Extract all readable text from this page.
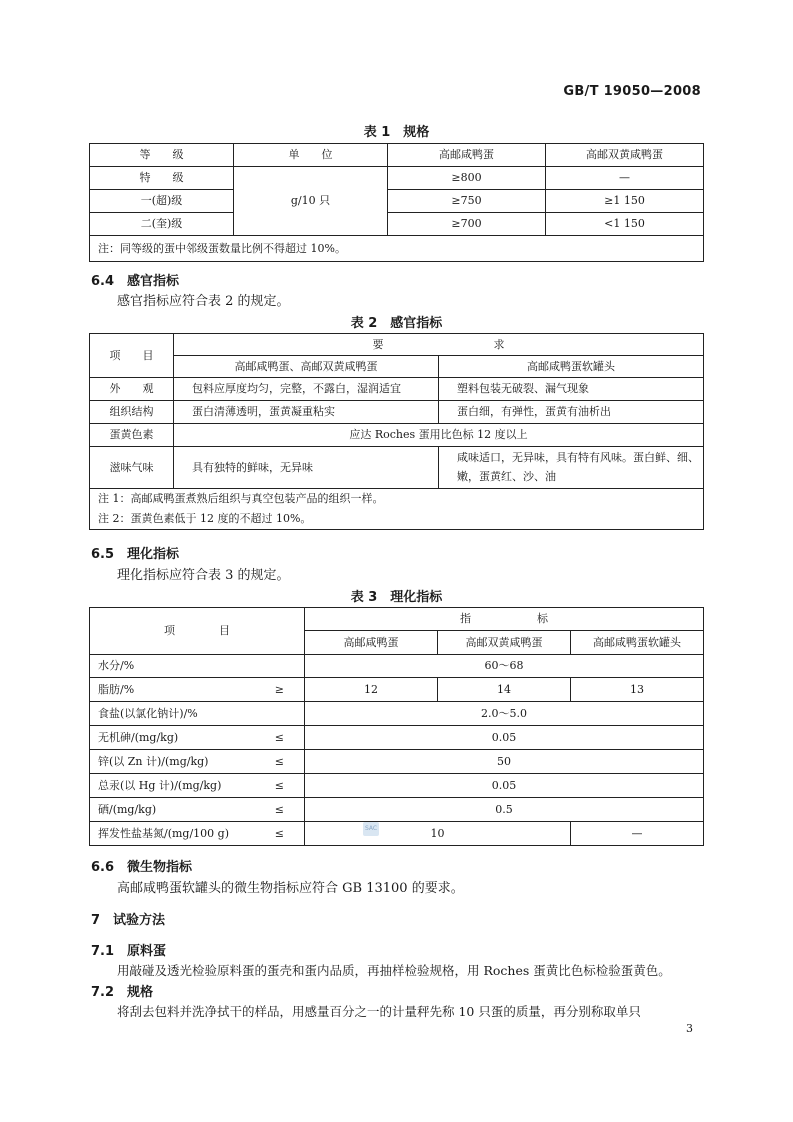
GB/T 19050—2008
表 1　规格
等　　级	单　　位	高邮咸鸭蛋	高邮双黄咸鸭蛋
特　　级	g/10 只	≥800	—
一(超)级		≥750	≥1 150
二(奎)级		≥700	<1 150
注：同等级的蛋中邻级蛋数量比例不得超过 10%。			
6.4　感官指标
感官指标应符合表 2 的规定。
表 2　感官指标
项　　目	要　　　　　　　　　　求	
	高邮咸鸭蛋、高邮双黄咸鸭蛋	高邮咸鸭蛋软罐头
外　　观	包料应厚度均匀，完整，不露白，湿润适宜	塑料包装无破裂、漏气现象
组织结构	蛋白清薄透明，蛋黄凝重粘实	蛋白细，有弹性，蛋黄有油析出
蛋黄色素	应达 Roches 蛋用比色标 12 度以上	
滋味气味	具有独特的鲜味，无异味	咸味适口，无异味，具有特有风味。蛋白鲜、细、嫩，蛋黄红、沙、油

注 1：高邮咸鸭蛋煮熟后组织与真空包装产品的组织一样。
注 2：蛋黄色素低于 12 度的不超过 10%。		
6.5　理化指标
理化指标应符合表 3 的规定。
表 3　理化指标
项　　　　目	指　　　　　　标		
	高邮咸鸭蛋	高邮双黄咸鸭蛋	高邮咸鸭蛋软罐头

水分/%	60～68		

脂肪/% ≥	12	14	13

食盐(以氯化钠计)/%	2.0～5.0		

无机砷/(mg/kg) ≤	0.05		

锌(以 Zn 计)/(mg/kg) ≤	50		

总汞(以 Hg 计)/(mg/kg) ≤	0.05		

硒/(mg/kg) ≤	0.5		

挥发性盐基氮/(mg/100 g) ≤	10		—
SAC
6.6　微生物指标
高邮咸鸭蛋软罐头的微生物指标应符合 GB 13100 的要求。
7　试验方法
7.1　原料蛋
用敲碰及透光检验原料蛋的蛋壳和蛋内品质，再抽样检验规格，用 Roches 蛋黄比色标检验蛋黄色。
7.2　规格
将刮去包料并洗净拭干的样品，用感量百分之一的计量秤先称 10 只蛋的质量，再分别称取单只
3
